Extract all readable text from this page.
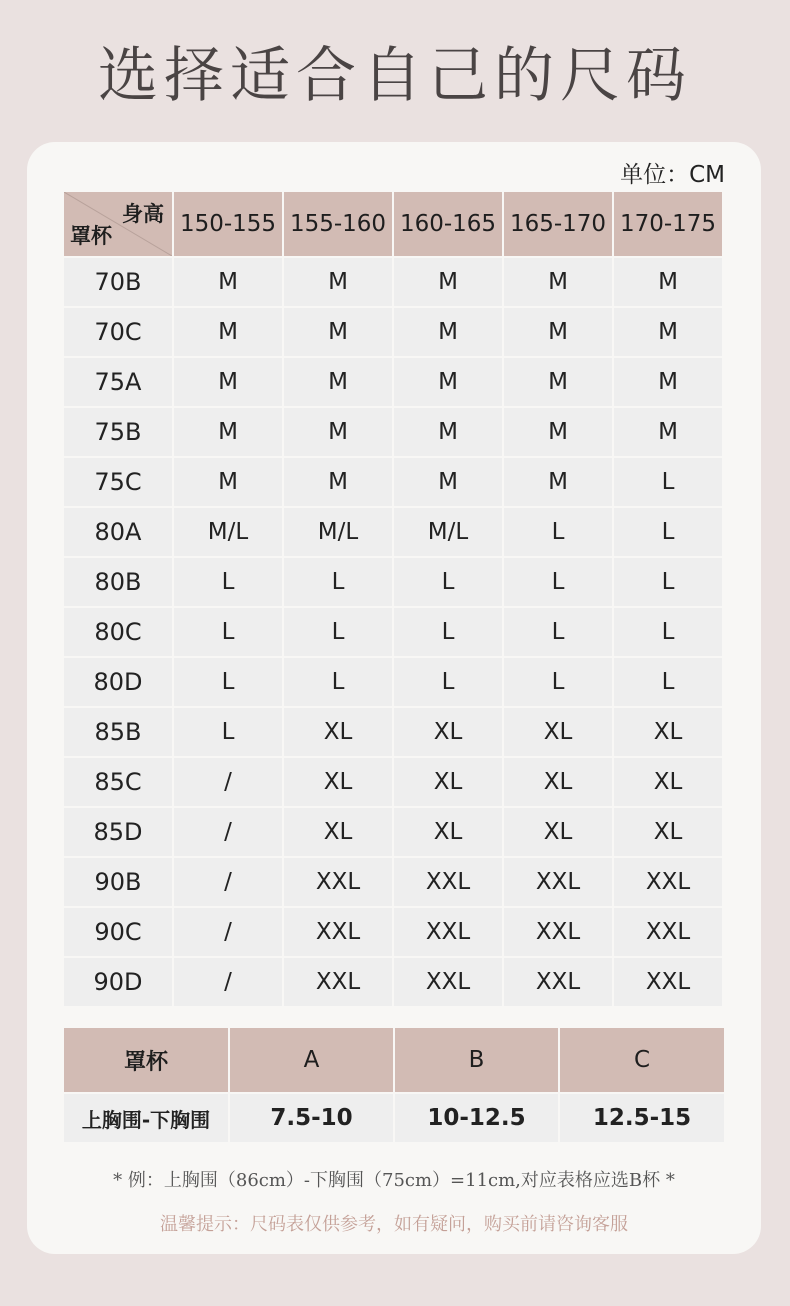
选择适合自己的尺码
单位：CM
身高
罩杯	150-155	155-160	160-165	165-170	170-175
70B	M	M	M	M	M
70C	M	M	M	M	M
75A	M	M	M	M	M
75B	M	M	M	M	M
75C	M	M	M	M	L
80A	M/L	M/L	M/L	L	L
80B	L	L	L	L	L
80C	L	L	L	L	L
80D	L	L	L	L	L
85B	L	XL	XL	XL	XL
85C	/	XL	XL	XL	XL
85D	/	XL	XL	XL	XL
90B	/	XXL	XXL	XXL	XXL
90C	/	XXL	XXL	XXL	XXL
90D	/	XXL	XXL	XXL	XXL
罩杯	A	B	C
上胸围-下胸围	7.5-10	10-12.5	12.5-15
* 例：上胸围（86cm）-下胸围（75cm）=11cm,对应表格应选B杯 *
温馨提示：尺码表仅供参考，如有疑问，购买前请咨询客服
